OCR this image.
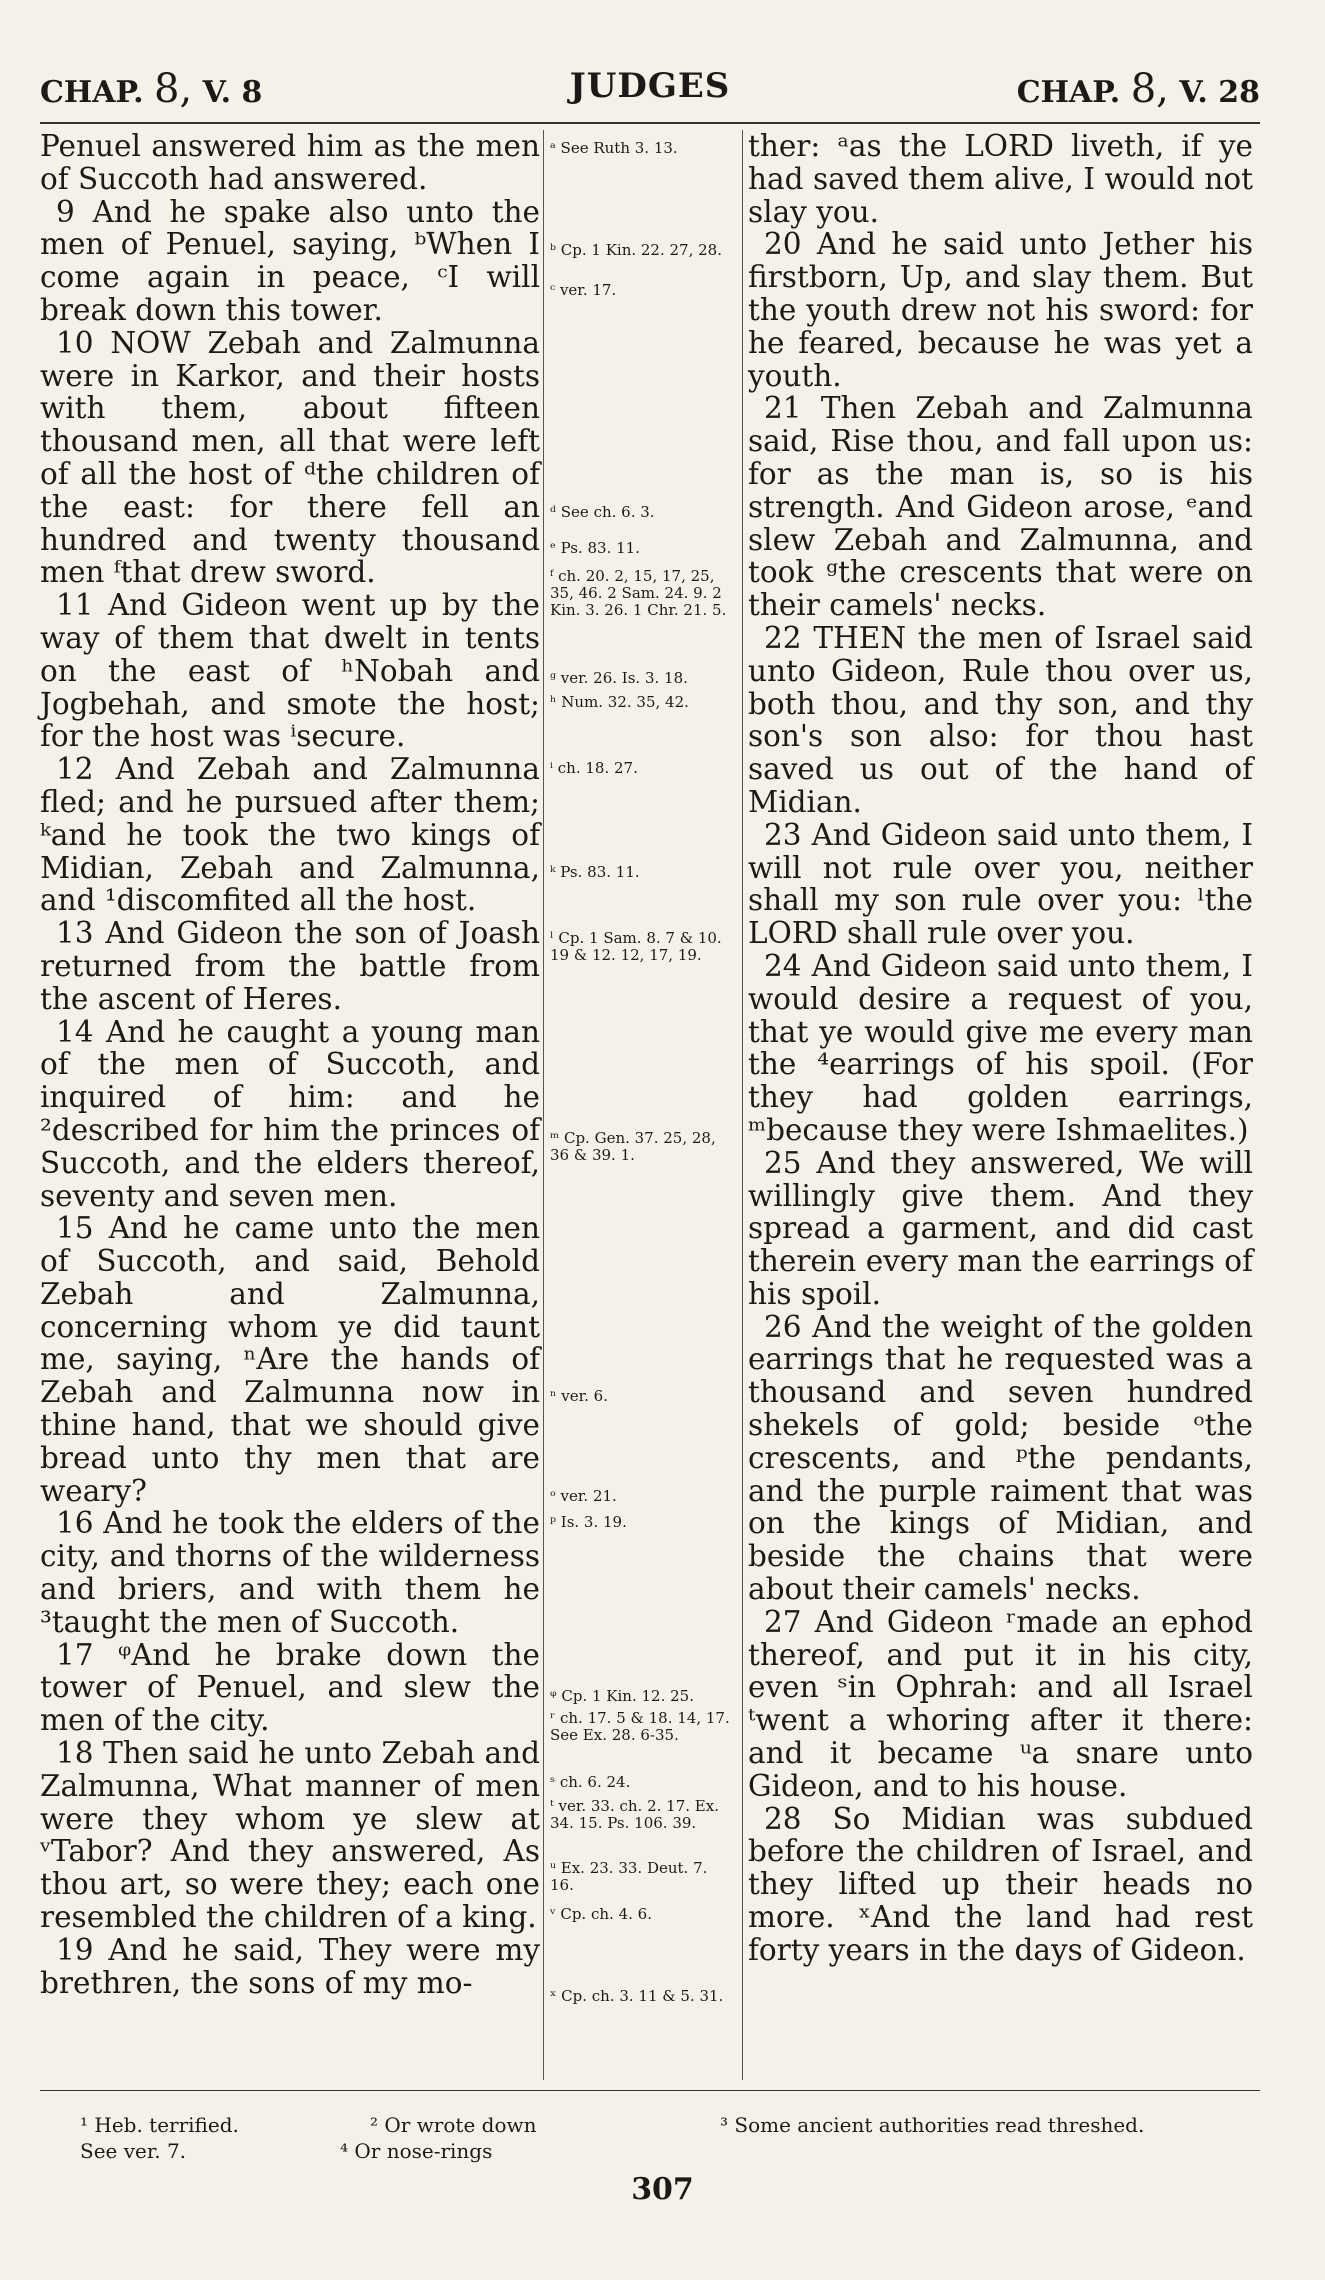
CHAP. 8, V. 8	JUDGES	CHAP. 8, V. 28

Penuel answered him as the men of Succoth had answered.

9 And he spake also unto the men of Penuel, saying, ᵇWhen I come again in peace, ᶜI will break down this tower.

10 NOW Zebah and Zalmunna were in Karkor, and their hosts with them, about fifteen thousand men, all that were left of all the host of ᵈthe children of the east: for there fell an hundred and twenty thousand men ᶠthat drew sword.

11 And Gideon went up by the way of them that dwelt in tents on the east of ʰNobah and Jogbehah, and smote the host; for the host was ⁱsecure.

12 And Zebah and Zalmunna fled; and he pursued after them; ᵏand he took the two kings of Midian, Zebah and Zalmunna, and ¹discomfited all the host.

13 And Gideon the son of Joash returned from the battle from the ascent of Heres.

14 And he caught a young man of the men of Succoth, and inquired of him: and he ²described for him the princes of Succoth, and the elders thereof, seventy and seven men.

15 And he came unto the men of Succoth, and said, Behold Zebah and Zalmunna, concerning whom ye did taunt me, saying, ⁿAre the hands of Zebah and Zalmunna now in thine hand, that we should give bread unto thy men that are weary?

16 And he took the elders of the city, and thorns of the wilderness and briers, and with them he ³taught the men of Succoth.

17 ᵠAnd he brake down the tower of Penuel, and slew the men of the city.

18 Then said he unto Zebah and Zalmunna, What manner of men were they whom ye slew at ᵛTabor? And they answered, As thou art, so were they; each one resembled the children of a king.

19 And he said, They were my brethren, the sons of my mo-

ᵃ See Ruth 3. 13.
ᵇ Cp. 1 Kin. 22. 27, 28.
ᶜ ver. 17.
ᵈ See ch. 6. 3.
ᵉ Ps. 83. 11.
ᶠ ch. 20. 2, 15, 17, 25, 35, 46. 2 Sam. 24. 9. 2 Kin. 3. 26. 1 Chr. 21. 5.
ᵍ ver. 26. Is. 3. 18.
ʰ Num. 32. 35, 42.
ⁱ ch. 18. 27.
ᵏ Ps. 83. 11.
ˡ Cp. 1 Sam. 8. 7 & 10. 19 & 12. 12, 17, 19.
ᵐ Cp. Gen. 37. 25, 28, 36 & 39. 1.
ⁿ ver. 6.
ᵒ ver. 21.
ᵖ Is. 3. 19.
ᵠ Cp. 1 Kin. 12. 25.
ʳ ch. 17. 5 & 18. 14, 17. See Ex. 28. 6-35.
ˢ ch. 6. 24.
ᵗ ver. 33. ch. 2. 17. Ex. 34. 15. Ps. 106. 39.
ᵘ Ex. 23. 33. Deut. 7. 16.
ᵛ Cp. ch. 4. 6.
ˣ Cp. ch. 3. 11 & 5. 31.

ther: ᵃas the LORD liveth, if ye had saved them alive, I would not slay you.

20 And he said unto Jether his firstborn, Up, and slay them. But the youth drew not his sword: for he feared, because he was yet a youth.

21 Then Zebah and Zalmunna said, Rise thou, and fall upon us: for as the man is, so is his strength. And Gideon arose, ᵉand slew Zebah and Zalmunna, and took ᵍthe crescents that were on their camels' necks.

22 THEN the men of Israel said unto Gideon, Rule thou over us, both thou, and thy son, and thy son's son also: for thou hast saved us out of the hand of Midian.

23 And Gideon said unto them, I will not rule over you, neither shall my son rule over you: ˡthe LORD shall rule over you.

24 And Gideon said unto them, I would desire a request of you, that ye would give me every man the ⁴earrings of his spoil. (For they had golden earrings, ᵐbecause they were Ishmaelites.)

25 And they answered, We will willingly give them. And they spread a garment, and did cast therein every man the earrings of his spoil.

26 And the weight of the golden earrings that he requested was a thousand and seven hundred shekels of gold; beside ᵒthe crescents, and ᵖthe pendants, and the purple raiment that was on the kings of Midian, and beside the chains that were about their camels' necks.

27 And Gideon ʳmade an ephod thereof, and put it in his city, even ˢin Ophrah: and all Israel ᵗwent a whoring after it there: and it became ᵘa snare unto Gideon, and to his house.

28 So Midian was subdued before the children of Israel, and they lifted up their heads no more. ˣAnd the land had rest forty years in the days of Gideon.

¹ Heb. terrified.
See ver. 7.
² Or wrote down
⁴ Or nose-rings
³ Some ancient authorities read threshed.
307
